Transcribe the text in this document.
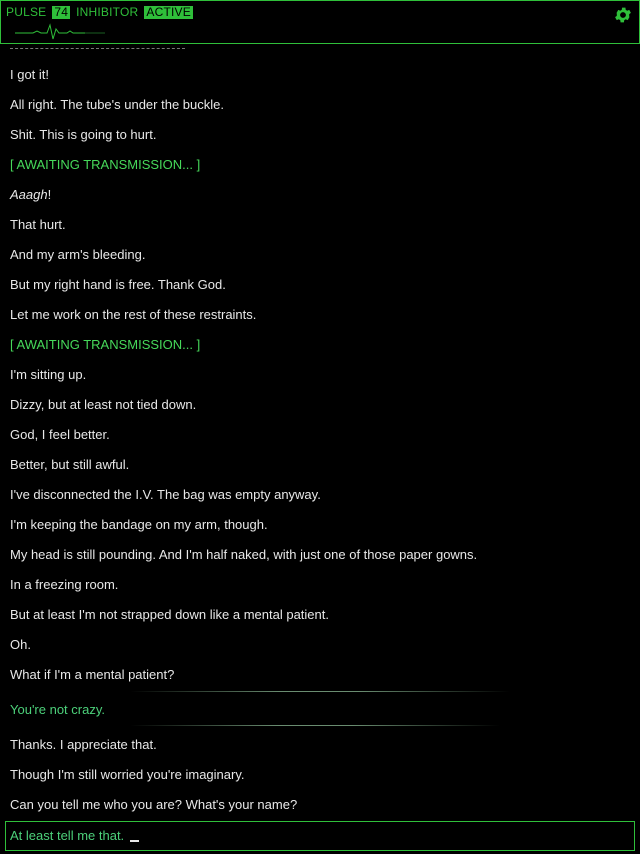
PULSE 74 INHIBITOR ACTIVE
I got it!
All right. The tube's under the buckle.
Shit. This is going to hurt.
[ AWAITING TRANSMISSION... ]
Aaagh!
That hurt.
And my arm's bleeding.
But my right hand is free. Thank God.
Let me work on the rest of these restraints.
[ AWAITING TRANSMISSION... ]
I'm sitting up.
Dizzy, but at least not tied down.
God, I feel better.
Better, but still awful.
I've disconnected the I.V. The bag was empty anyway.
I'm keeping the bandage on my arm, though.
My head is still pounding. And I'm half naked, with just one of those paper gowns.
In a freezing room.
But at least I'm not strapped down like a mental patient.
Oh.
What if I'm a mental patient?
You're not crazy.
Thanks. I appreciate that.
Though I'm still worried you're imaginary.
Can you tell me who you are? What's your name?
At least tell me that.
